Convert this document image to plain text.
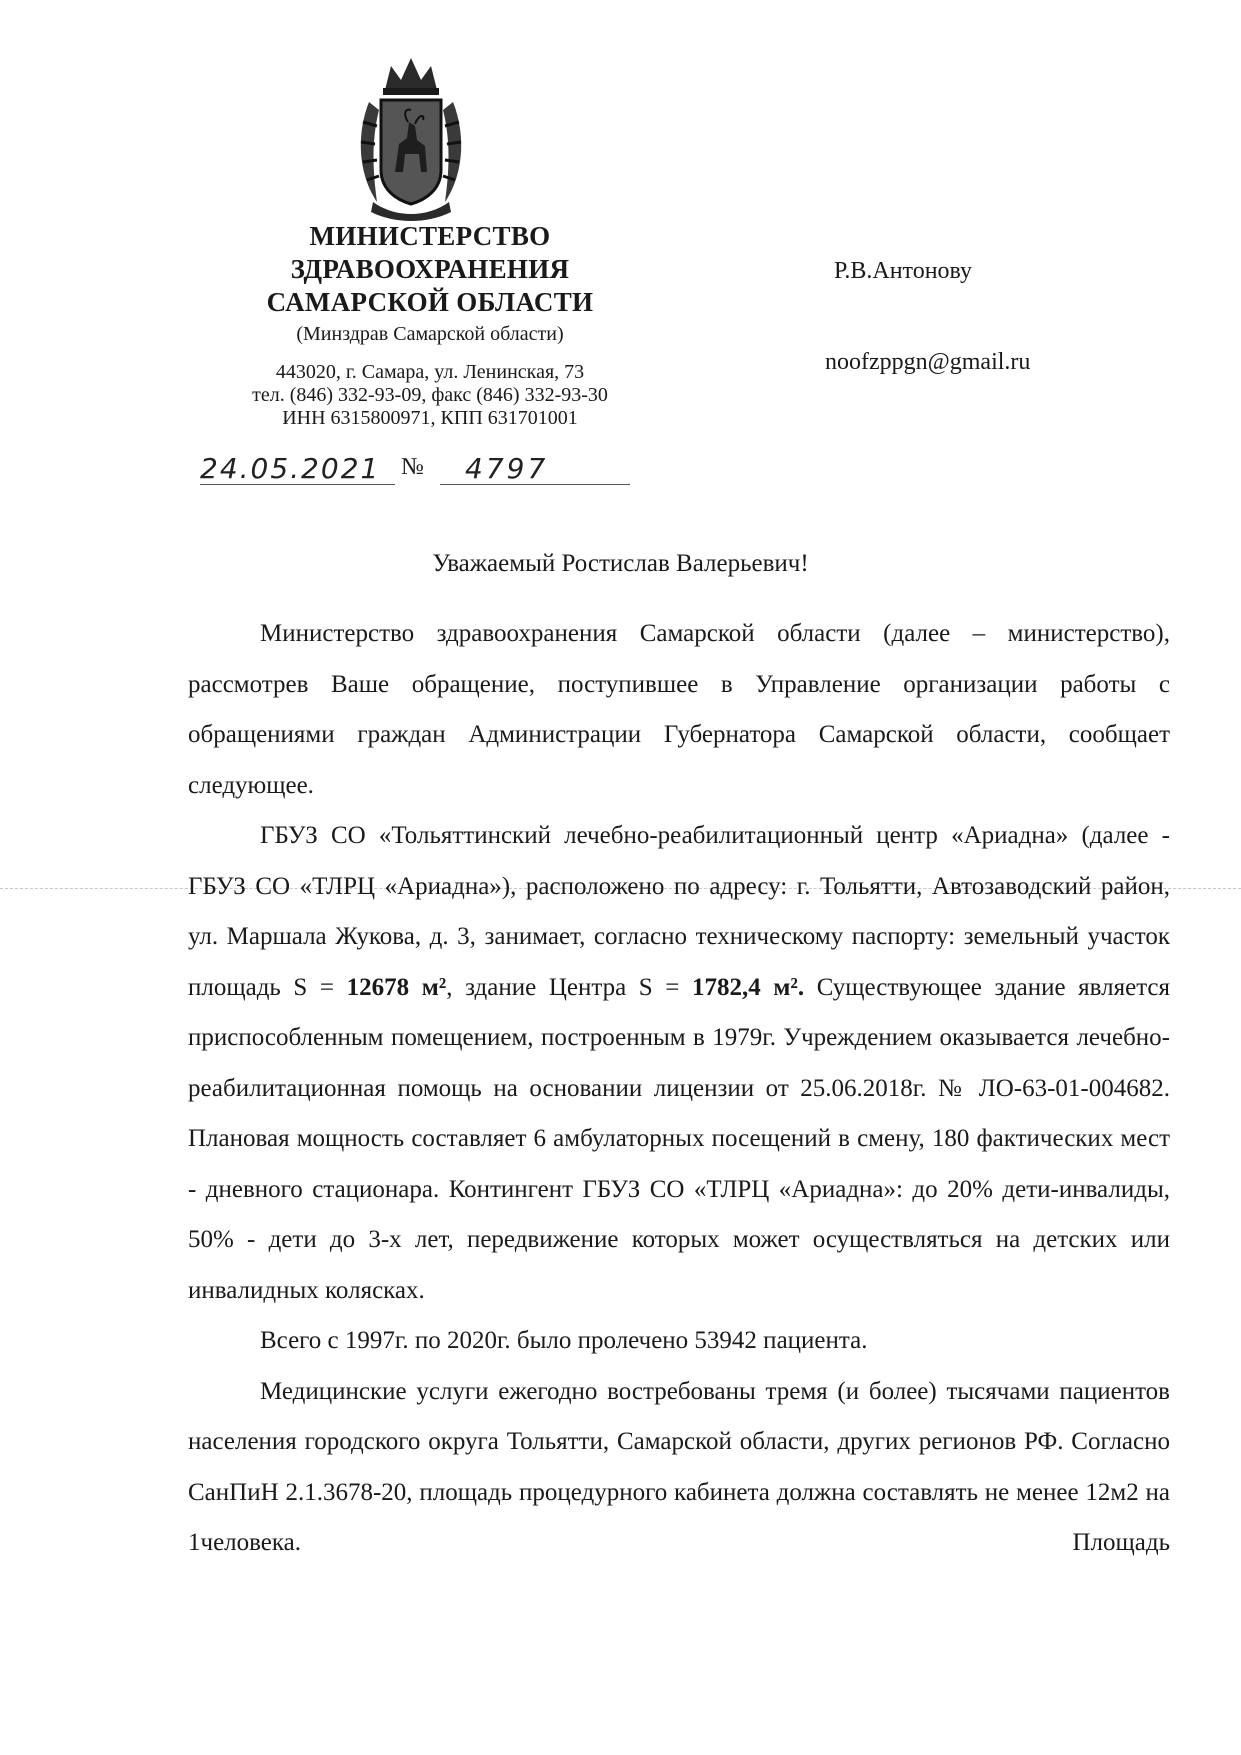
МИНИСТЕРСТВО
ЗДРАВООХРАНЕНИЯ
САМАРСКОЙ ОБЛАСТИ
(Минздрав Самарской области)
443020, г. Самара, ул. Ленинская, 73
тел. (846) 332-93-09, факс (846) 332-93-30
ИНН 6315800971, КПП 631701001
24.05.2021 № 4797
Р.В.Антонову
noofzppgn@gmail.ru
Уважаемый Ростислав Валерьевич!

Министерство здравоохранения Самарской области (далее – министерство), рассмотрев Ваше обращение, поступившее в Управление организации работы с обращениями граждан Администрации Губернатора Самарской области, сообщает следующее.

ГБУЗ СО «Тольяттинский лечебно-реабилитационный центр «Ариадна» (далее - ГБУЗ СО «ТЛРЦ «Ариадна»), расположено по адресу: г. Тольятти, Автозаводский район, ул. Маршала Жукова, д. 3, занимает, согласно техническому паспорту: земельный участок площадь S = 12678 м², здание Центра S = 1782,4 м². Существующее здание является приспособленным помещением, построенным в 1979г. Учреждением оказывается лечебно-реабилитационная помощь на основании лицензии от 25.06.2018г. № ЛО-63-01-004682. Плановая мощность составляет 6 амбулаторных посещений в смену, 180 фактических мест - дневного стационара. Контингент ГБУЗ СО «ТЛРЦ «Ариадна»: до 20% дети-инвалиды, 50% - дети до 3-х лет, передвижение которых может осуществляться на детских или инвалидных колясках.

Всего с 1997г. по 2020г. было пролечено 53942 пациента.

Медицинские услуги ежегодно востребованы тремя (и более) тысячами пациентов населения городского округа Тольятти, Самарской области, других регионов РФ. Согласно СанПиН 2.1.3678-20, площадь процедурного кабинета должна составлять не менее 12м2 на 1человека. Площадь
